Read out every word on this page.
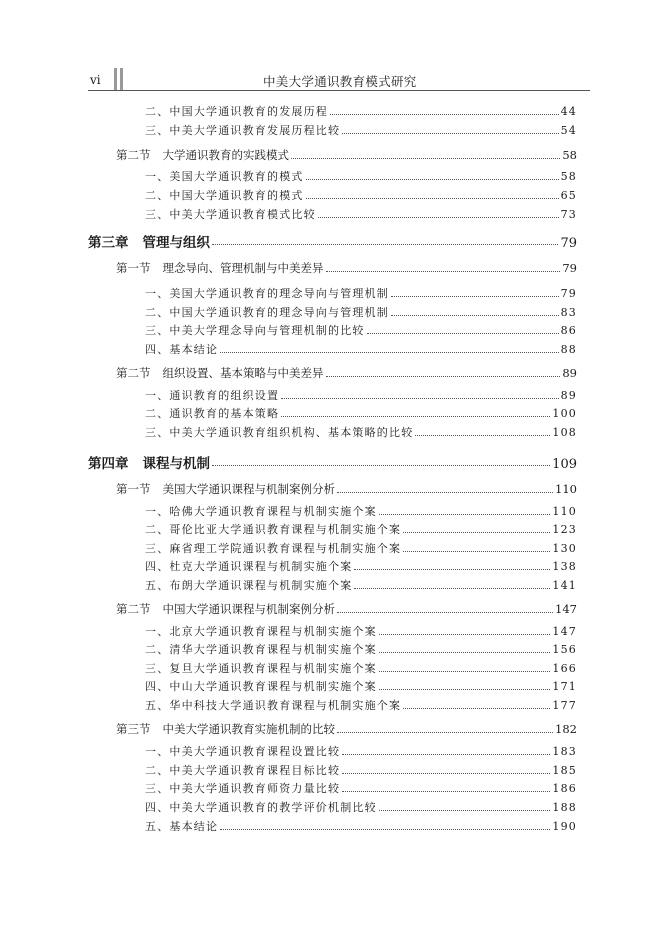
vi	中美大学通识教育模式研究
二、中国大学通识教育的发展历程	44
三、中美大学通识教育发展历程比较	54
第二节 大学通识教育的实践模式	58
一、美国大学通识教育的模式	58
二、中国大学通识教育的模式	65
三、中美大学通识教育模式比较	73
第三章 管理与组织	79
第一节 理念导向、管理机制与中美差异	79
一、美国大学通识教育的理念导向与管理机制	79
二、中国大学通识教育的理念导向与管理机制	83
三、中美大学理念导向与管理机制的比较	86
四、基本结论	88
第二节 组织设置、基本策略与中美差异	89
一、通识教育的组织设置	89
二、通识教育的基本策略	100
三、中美大学通识教育组织机构、基本策略的比较	108
第四章 课程与机制	109
第一节 美国大学通识课程与机制案例分析	110
一、哈佛大学通识教育课程与机制实施个案	110
二、哥伦比亚大学通识教育课程与机制实施个案	123
三、麻省理工学院通识教育课程与机制实施个案	130
四、杜克大学通识课程与机制实施个案	138
五、布朗大学通识课程与机制实施个案	141
第二节 中国大学通识课程与机制案例分析	147
一、北京大学通识教育课程与机制实施个案	147
二、清华大学通识教育课程与机制实施个案	156
三、复旦大学通识教育课程与机制实施个案	166
四、中山大学通识教育课程与机制实施个案	171
五、华中科技大学通识教育课程与机制实施个案	177
第三节 中美大学通识教育实施机制的比较	182
一、中美大学通识教育课程设置比较	183
二、中美大学通识教育课程目标比较	185
三、中美大学通识教育师资力量比较	186
四、中美大学通识教育的教学评价机制比较	188
五、基本结论	190
